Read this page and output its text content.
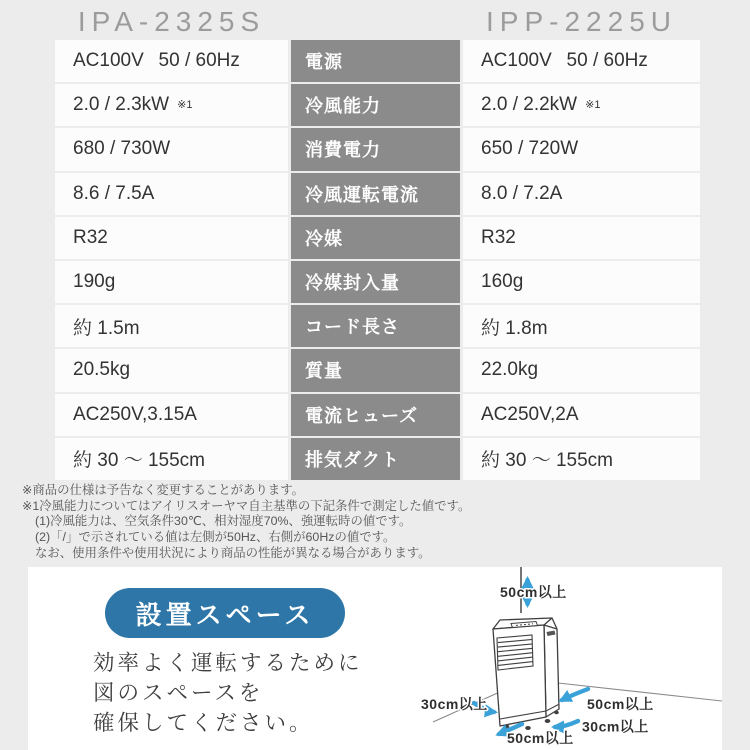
IPA-2325S	IPP-2225U
AC100V  50 / 60Hz	電源	AC100V  50 / 60Hz
2.0 / 2.3kW $^{※1}$	冷風能力	2.0 / 2.2kW $^{※1}$
680 / 730W	消費電力	650 / 720W
8.6 / 7.5A	冷風運転電流	8.0 / 7.2A
R32	冷媒	R32
190g	冷媒封入量	160g
約 1.5m	コード長さ	約 1.8m
20.5kg	質量	22.0kg
AC250V,3.15A	電流ヒューズ	AC250V,2A
約 30 ～ 155cm	排気ダクト	約 30 ～ 155cm
※商品の仕様は予告なく変更することがあります。
※1冷風能力についてはアイリスオーヤマ自主基準の下記条件で測定した値です。
(1)冷風能力は、空気条件30℃、相対湿度70%、強運転時の値です。
(2)「/」で示されている値は左側が50Hz、右側が60Hzの値です。
なお、使用条件や使用状況により商品の性能が異なる場合があります。
設置スペース
効率よく運転するために
図のスペースを
確保してください。
50cm以上
30cm以上	50cm以上
30cm以上
50cm以上
